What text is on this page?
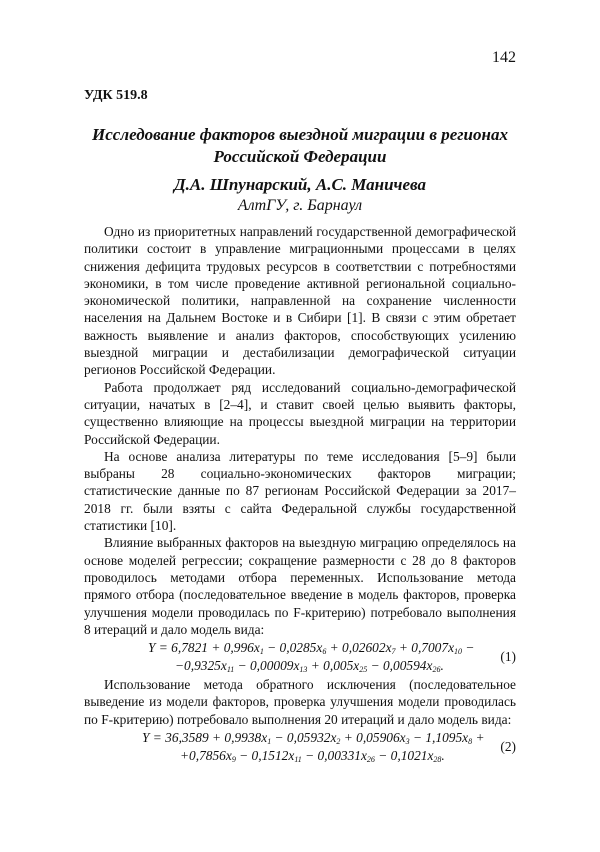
142
УДК 519.8
Исследование факторов выездной миграции в регионах
Российской Федерации
Д.А. Шпунарский, А.С. Маничева
АлтГУ, г. Барнаул

Одно из приоритетных направлений государственной демографической политики состоит в управление миграционными процессами в целях снижения дефицита трудовых ресурсов в соответствии с потребностями экономики, в том числе проведение активной региональной социально-экономической политики, направленной на сохранение численности населения на Дальнем Востоке и в Сибири [1]. В связи с этим обретает важность выявление и анализ факторов, способствующих усилению выездной миграции и дестабилизации демографической ситуации регионов Российской Федерации.

Работа продолжает ряд исследований социально-демографической ситуации, начатых в [2–4], и ставит своей целью выявить факторы, существенно влияющие на процессы выездной миграции на территории Российской Федерации.

На основе анализа литературы по теме исследования [5–9] были выбраны 28 социально-экономических факторов миграции; статистические данные по 87 регионам Российской Федерации за 2017–2018 гг. были взяты с сайта Федеральной службы государственной статистики [10].

Влияние выбранных факторов на выездную миграцию определялось на основе моделей регрессии; сокращение размерности с 28 до 8 факторов проводилось методами отбора переменных. Использование метода прямого отбора (последовательное введение в модель факторов, проверка улучшения модели проводилась по F-критерию) потребовало выполнения 8 итераций и дало модель вида:

$Y = 6,7821 + 0,996x_1 - 0,0285x_6 + 0,02602x_7 + 0,7007x_{10}$ −
$-0,9325x_{11} - 0,00009x_{13} + 0,005x_{25} - 0,00594x_{26}$.
(1)

Использование метода обратного исключения (последовательное выведение из модели факторов, проверка улучшения модели проводилась по F-критерию) потребовало выполнения 20 итераций и дало модель вида:

$Y = 36,3589 + 0,9938x_1 - 0,05932x_2 + 0,05906x_3 - 1,1095x_8$ +
$+0,7856x_9 - 0,1512x_{11} - 0,00331x_{26} - 0,1021x_{28}$.
(2)
